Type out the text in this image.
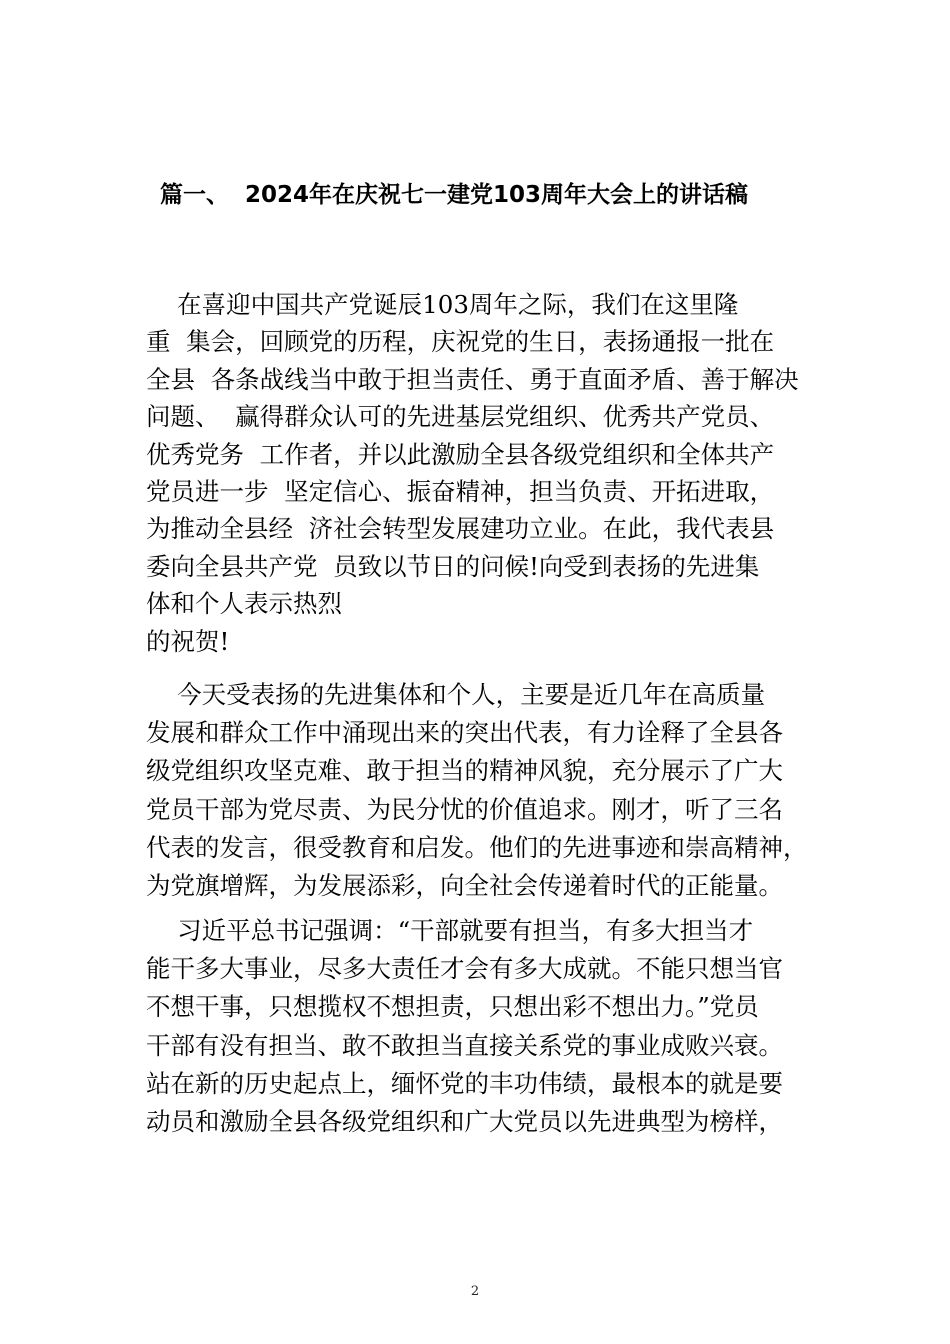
篇一、 2024年在庆祝七一建党103周年大会上的讲话稿
在喜迎中国共产党诞辰103周年之际，我们在这里隆
重  集会，回顾党的历程，庆祝党的生日，表扬通报一批在
全县  各条战线当中敢于担当责任、勇于直面矛盾、善于解决
问题、  赢得群众认可的先进基层党组织、优秀共产党员、
优秀党务  工作者，并以此激励全县各级党组织和全体共产
党员进一步  坚定信心、振奋精神，担当负责、开拓进取，
为推动全县经  济社会转型发展建功立业。在此，我代表县
委向全县共产党  员致以节日的问候!向受到表扬的先进集
体和个人表示热烈
的祝贺!
今天受表扬的先进集体和个人，主要是近几年在高质量
发展和群众工作中涌现出来的突出代表，有力诠释了全县各
级党组织攻坚克难、敢于担当的精神风貌，充分展示了广大
党员干部为党尽责、为民分忧的价值追求。刚才，听了三名
代表的发言，很受教育和启发。他们的先进事迹和崇高精神，
为党旗增辉，为发展添彩，向全社会传递着时代的正能量。
习近平总书记强调：“干部就要有担当，有多大担当才
能干多大事业，尽多大责任才会有多大成就。不能只想当官
不想干事，只想揽权不想担责，只想出彩不想出力。”党员
干部有没有担当、敢不敢担当直接关系党的事业成败兴衰。
站在新的历史起点上，缅怀党的丰功伟绩，最根本的就是要
动员和激励全县各级党组织和广大党员以先进典型为榜样，
2
